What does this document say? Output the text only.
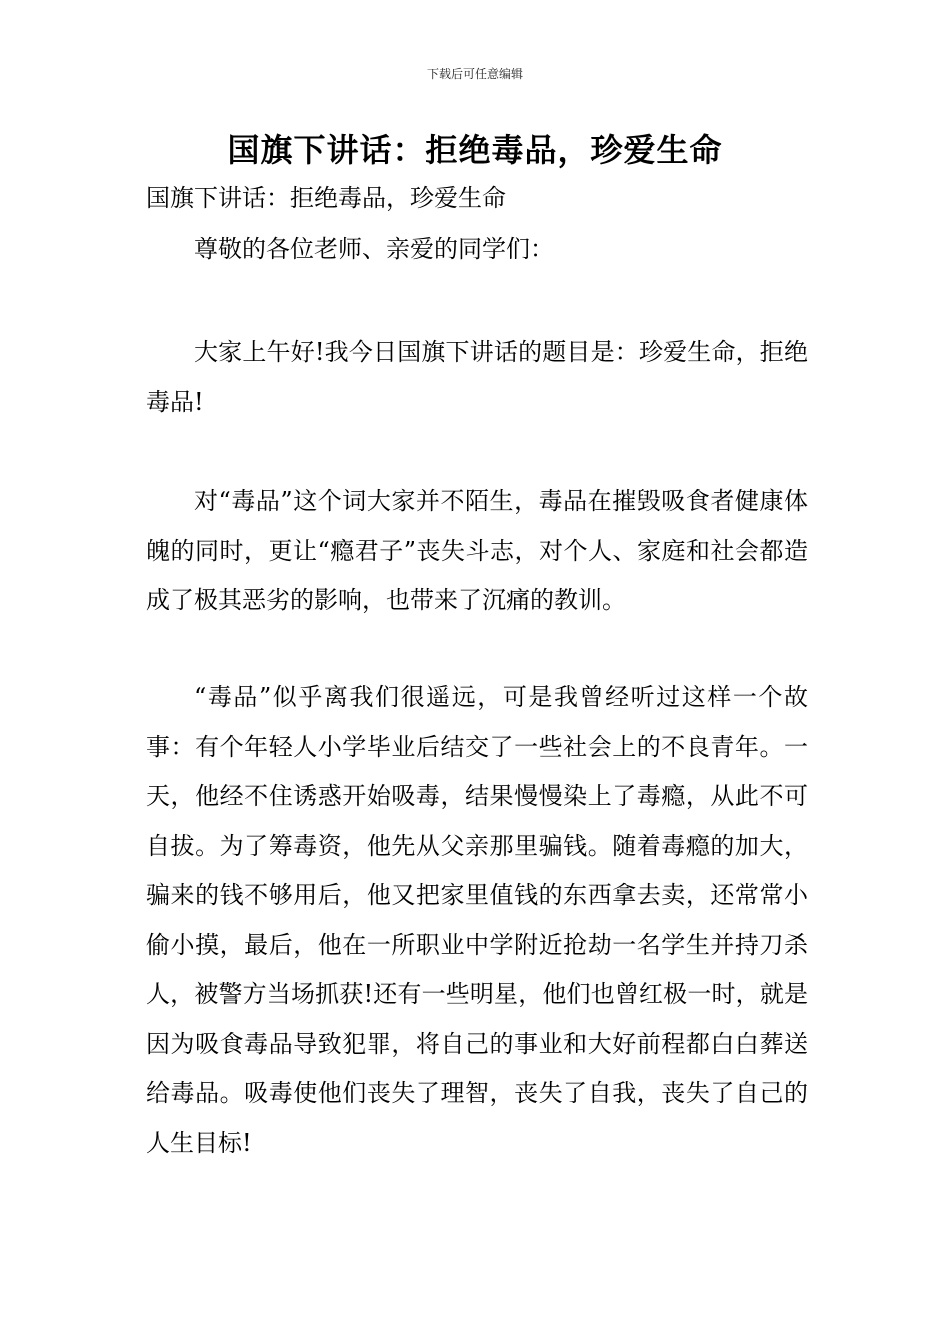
下载后可任意编辑
国旗下讲话：拒绝毒品，珍爱生命
国旗下讲话：拒绝毒品，珍爱生命
尊敬的各位老师、亲爱的同学们：
大家上午好!我今日国旗下讲话的题目是：珍爱生命，拒绝毒品!
对“毒品”这个词大家并不陌生，毒品在摧毁吸食者健康体魄的同时，更让“瘾君子”丧失斗志，对个人、家庭和社会都造成了极其恶劣的影响，也带来了沉痛的教训。
“毒品”似乎离我们很遥远，可是我曾经听过这样一个故事：有个年轻人小学毕业后结交了一些社会上的不良青年。一天，他经不住诱惑开始吸毒，结果慢慢染上了毒瘾，从此不可自拔。为了筹毒资，他先从父亲那里骗钱。随着毒瘾的加大，骗来的钱不够用后，他又把家里值钱的东西拿去卖，还常常小偷小摸，最后，他在一所职业中学附近抢劫一名学生并持刀杀人，被警方当场抓获!还有一些明星，他们也曾红极一时，就是因为吸食毒品导致犯罪，将自己的事业和大好前程都白白葬送给毒品。吸毒使他们丧失了理智，丧失了自我，丧失了自己的人生目标!
